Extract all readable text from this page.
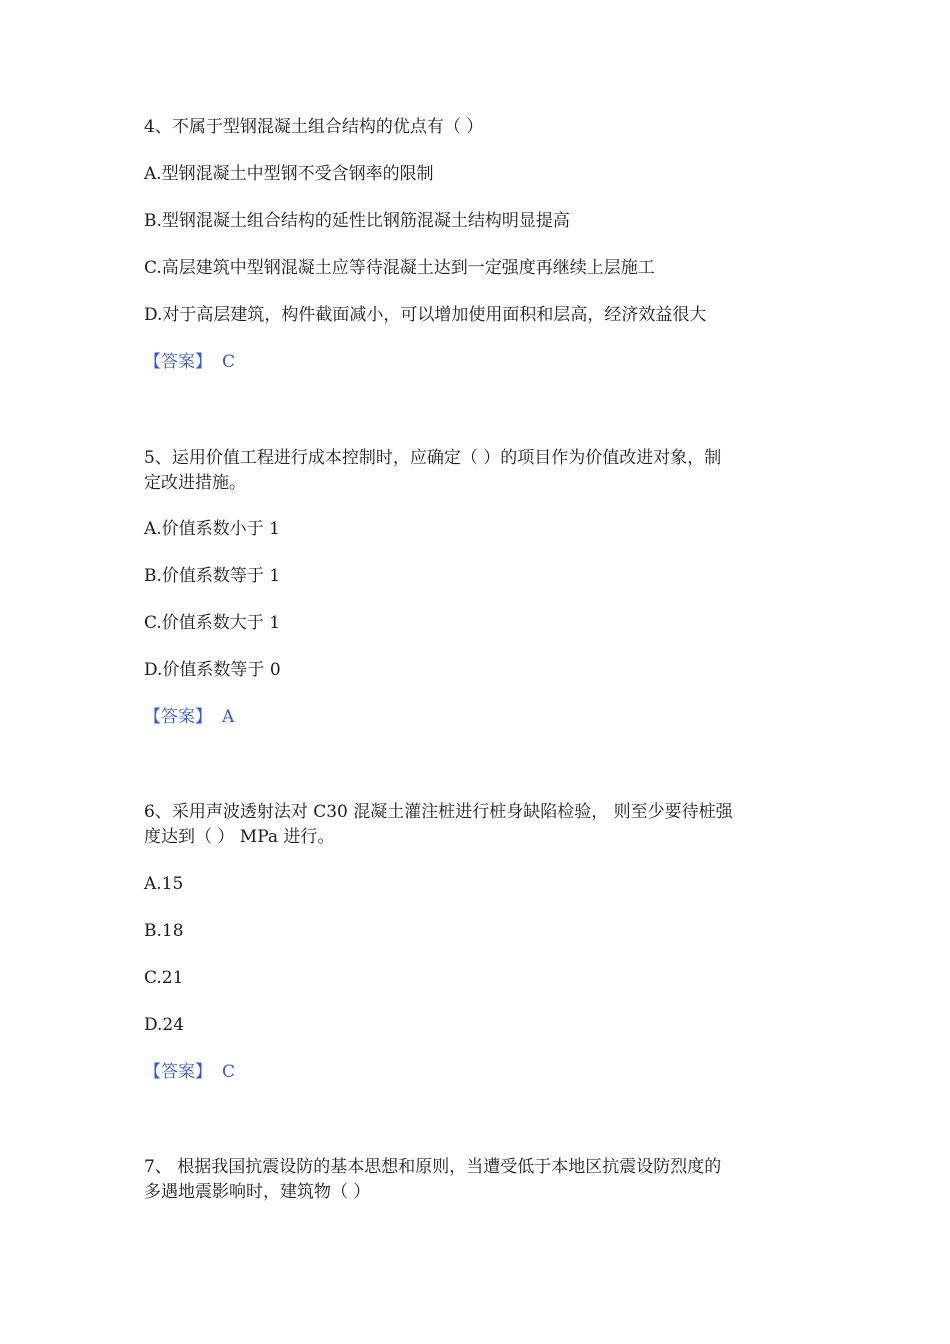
4、不属于型钢混凝土组合结构的优点有（ ）
A.型钢混凝土中型钢不受含钢率的限制
B.型钢混凝土组合结构的延性比钢筋混凝土结构明显提高
C.高层建筑中型钢混凝土应等待混凝土达到一定强度再继续上层施工
D.对于高层建筑，构件截面减小，可以增加使用面积和层高，经济效益很大
【答案】 C
5、运用价值工程进行成本控制时，应确定（ ）的项目作为价值改进对象，制
定改进措施。
A.价值系数小于 1
B.价值系数等于 1
C.价值系数大于 1
D.价值系数等于 0
【答案】 A
6、采用声波透射法对 C30 混凝土灌注桩进行桩身缺陷检验， 则至少要待桩强
度达到（ ） MPa 进行。
A.15
B.18
C.21
D.24
【答案】 C
7、 根据我国抗震设防的基本思想和原则，当遭受低于本地区抗震设防烈度的
多遇地震影响时，建筑物（ ）
